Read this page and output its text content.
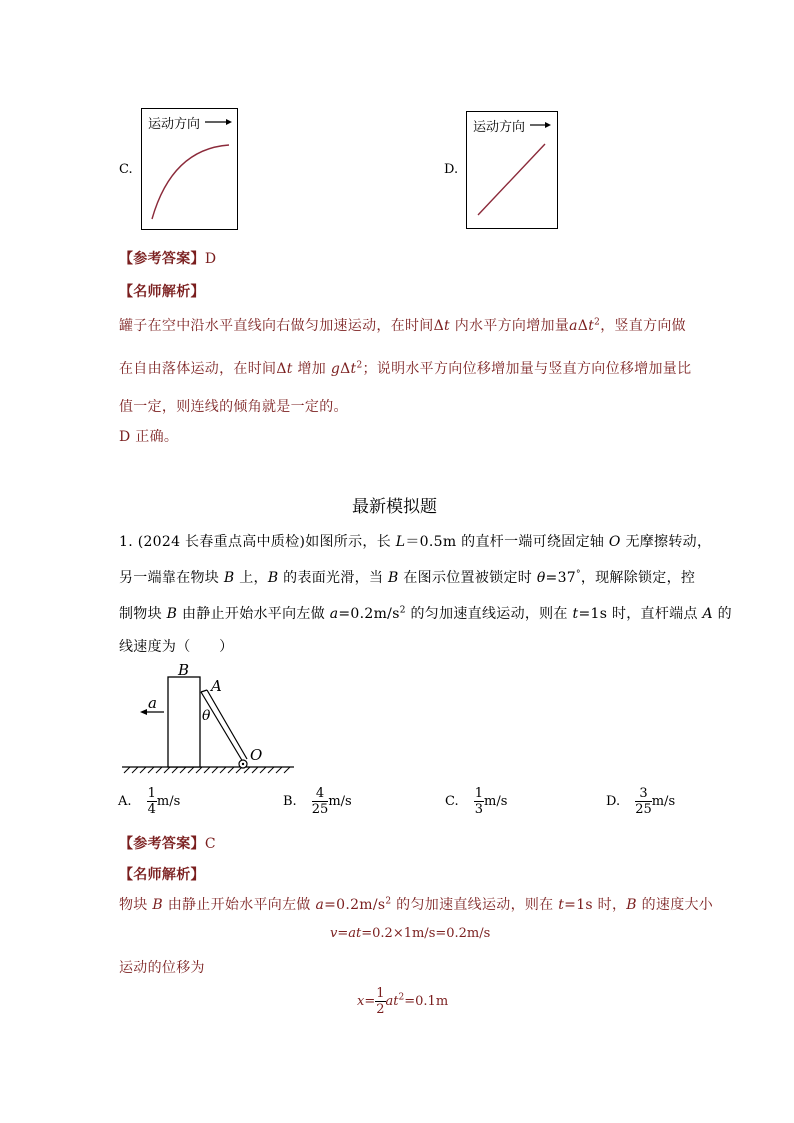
C.
运动方向
D.
运动方向
【参考答案】D
【名师解析】
罐子在空中沿水平直线向右做匀加速运动，在时间Δt 内水平方向增加量aΔt$^2$，竖直方向做
在自由落体运动，在时间Δt 增加 gΔt$^2$；说明水平方向位移增加量与竖直方向位移增加量比
值一定，则连线的倾角就是一定的。
D 正确。
最新模拟题
1. (2024 长春重点高中质检)如图所示，长 L＝0.5m 的直杆一端可绕固定轴 O 无摩擦转动，
另一端靠在物块 B 上，B 的表面光滑，当 B 在图示位置被锁定时 θ=37°，现解除锁定，控
制物块 B 由静止开始水平向左做 $a=0.2m/s^2$ 的匀加速直线运动，则在 t=1s 时，直杆端点 A 的
线速度为（　　）
B
A
a
θ
O
A. $\frac{1}{4} m/s$	B. $\frac{4}{25} m/s$	C. $\frac{1}{3} m/s$	D. $\frac{3}{25} m/s$
【参考答案】C
【名师解析】
物块 B 由静止开始水平向左做 $a=0.2m/s^2$ 的匀加速直线运动，则在 t=1s 时，B 的速度大小
v=at=0.2×1m/s=0.2m/s
运动的位移为
$x= \frac{1}{2} at^2=0.1m$
